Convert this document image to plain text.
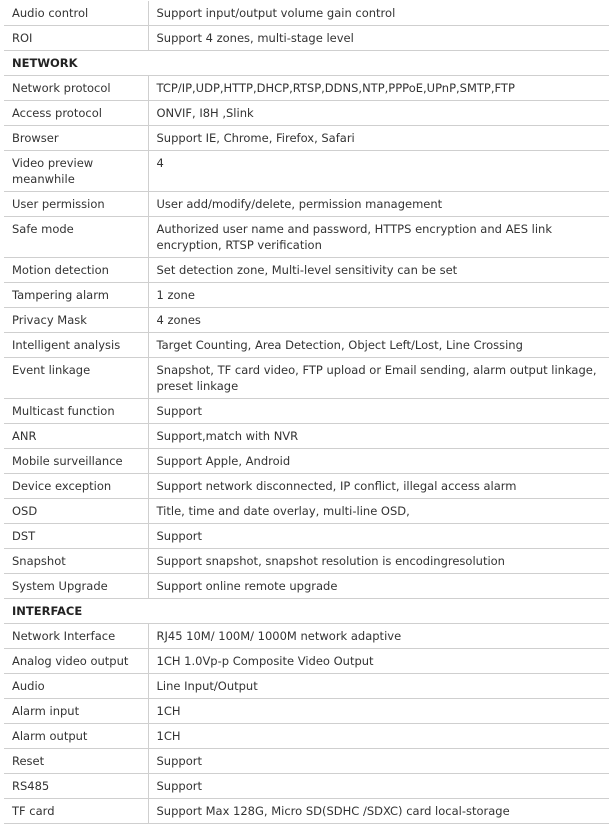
Audio control	Support input/output volume gain control
ROI	Support 4 zones, multi-stage level
NETWORK	
Network protocol	TCP/IP,UDP,HTTP,DHCP,RTSP,DDNS,NTP,PPPoE,UPnP,SMTP,FTP
Access protocol	ONVIF, I8H ,Slink
Browser	Support IE, Chrome, Firefox, Safari
Video preview meanwhile	4
User permission	User add/modify/delete, permission management
Safe mode	Authorized user name and password, HTTPS encryption and AES link encryption, RTSP verification
Motion detection	Set detection zone, Multi-level sensitivity can be set
Tampering alarm	1 zone
Privacy Mask	4 zones
Intelligent analysis	Target Counting, Area Detection, Object Left/Lost, Line Crossing
Event linkage	Snapshot, TF card video, FTP upload or Email sending, alarm output linkage, preset linkage
Multicast function	Support
ANR	Support,match with NVR
Mobile surveillance	Support Apple, Android
Device exception	Support network disconnected, IP conflict, illegal access alarm
OSD	Title, time and date overlay, multi-line OSD,
DST	Support
Snapshot	Support snapshot, snapshot resolution is encodingresolution
System Upgrade	Support online remote upgrade
INTERFACE	
Network Interface	RJ45 10M/ 100M/ 1000M network adaptive
Analog video output	1CH 1.0Vp-p Composite Video Output
Audio	Line Input/Output
Alarm input	1CH
Alarm output	1CH
Reset	Support
RS485	Support
TF card	Support Max 128G, Micro SD(SDHC /SDXC) card local-storage
